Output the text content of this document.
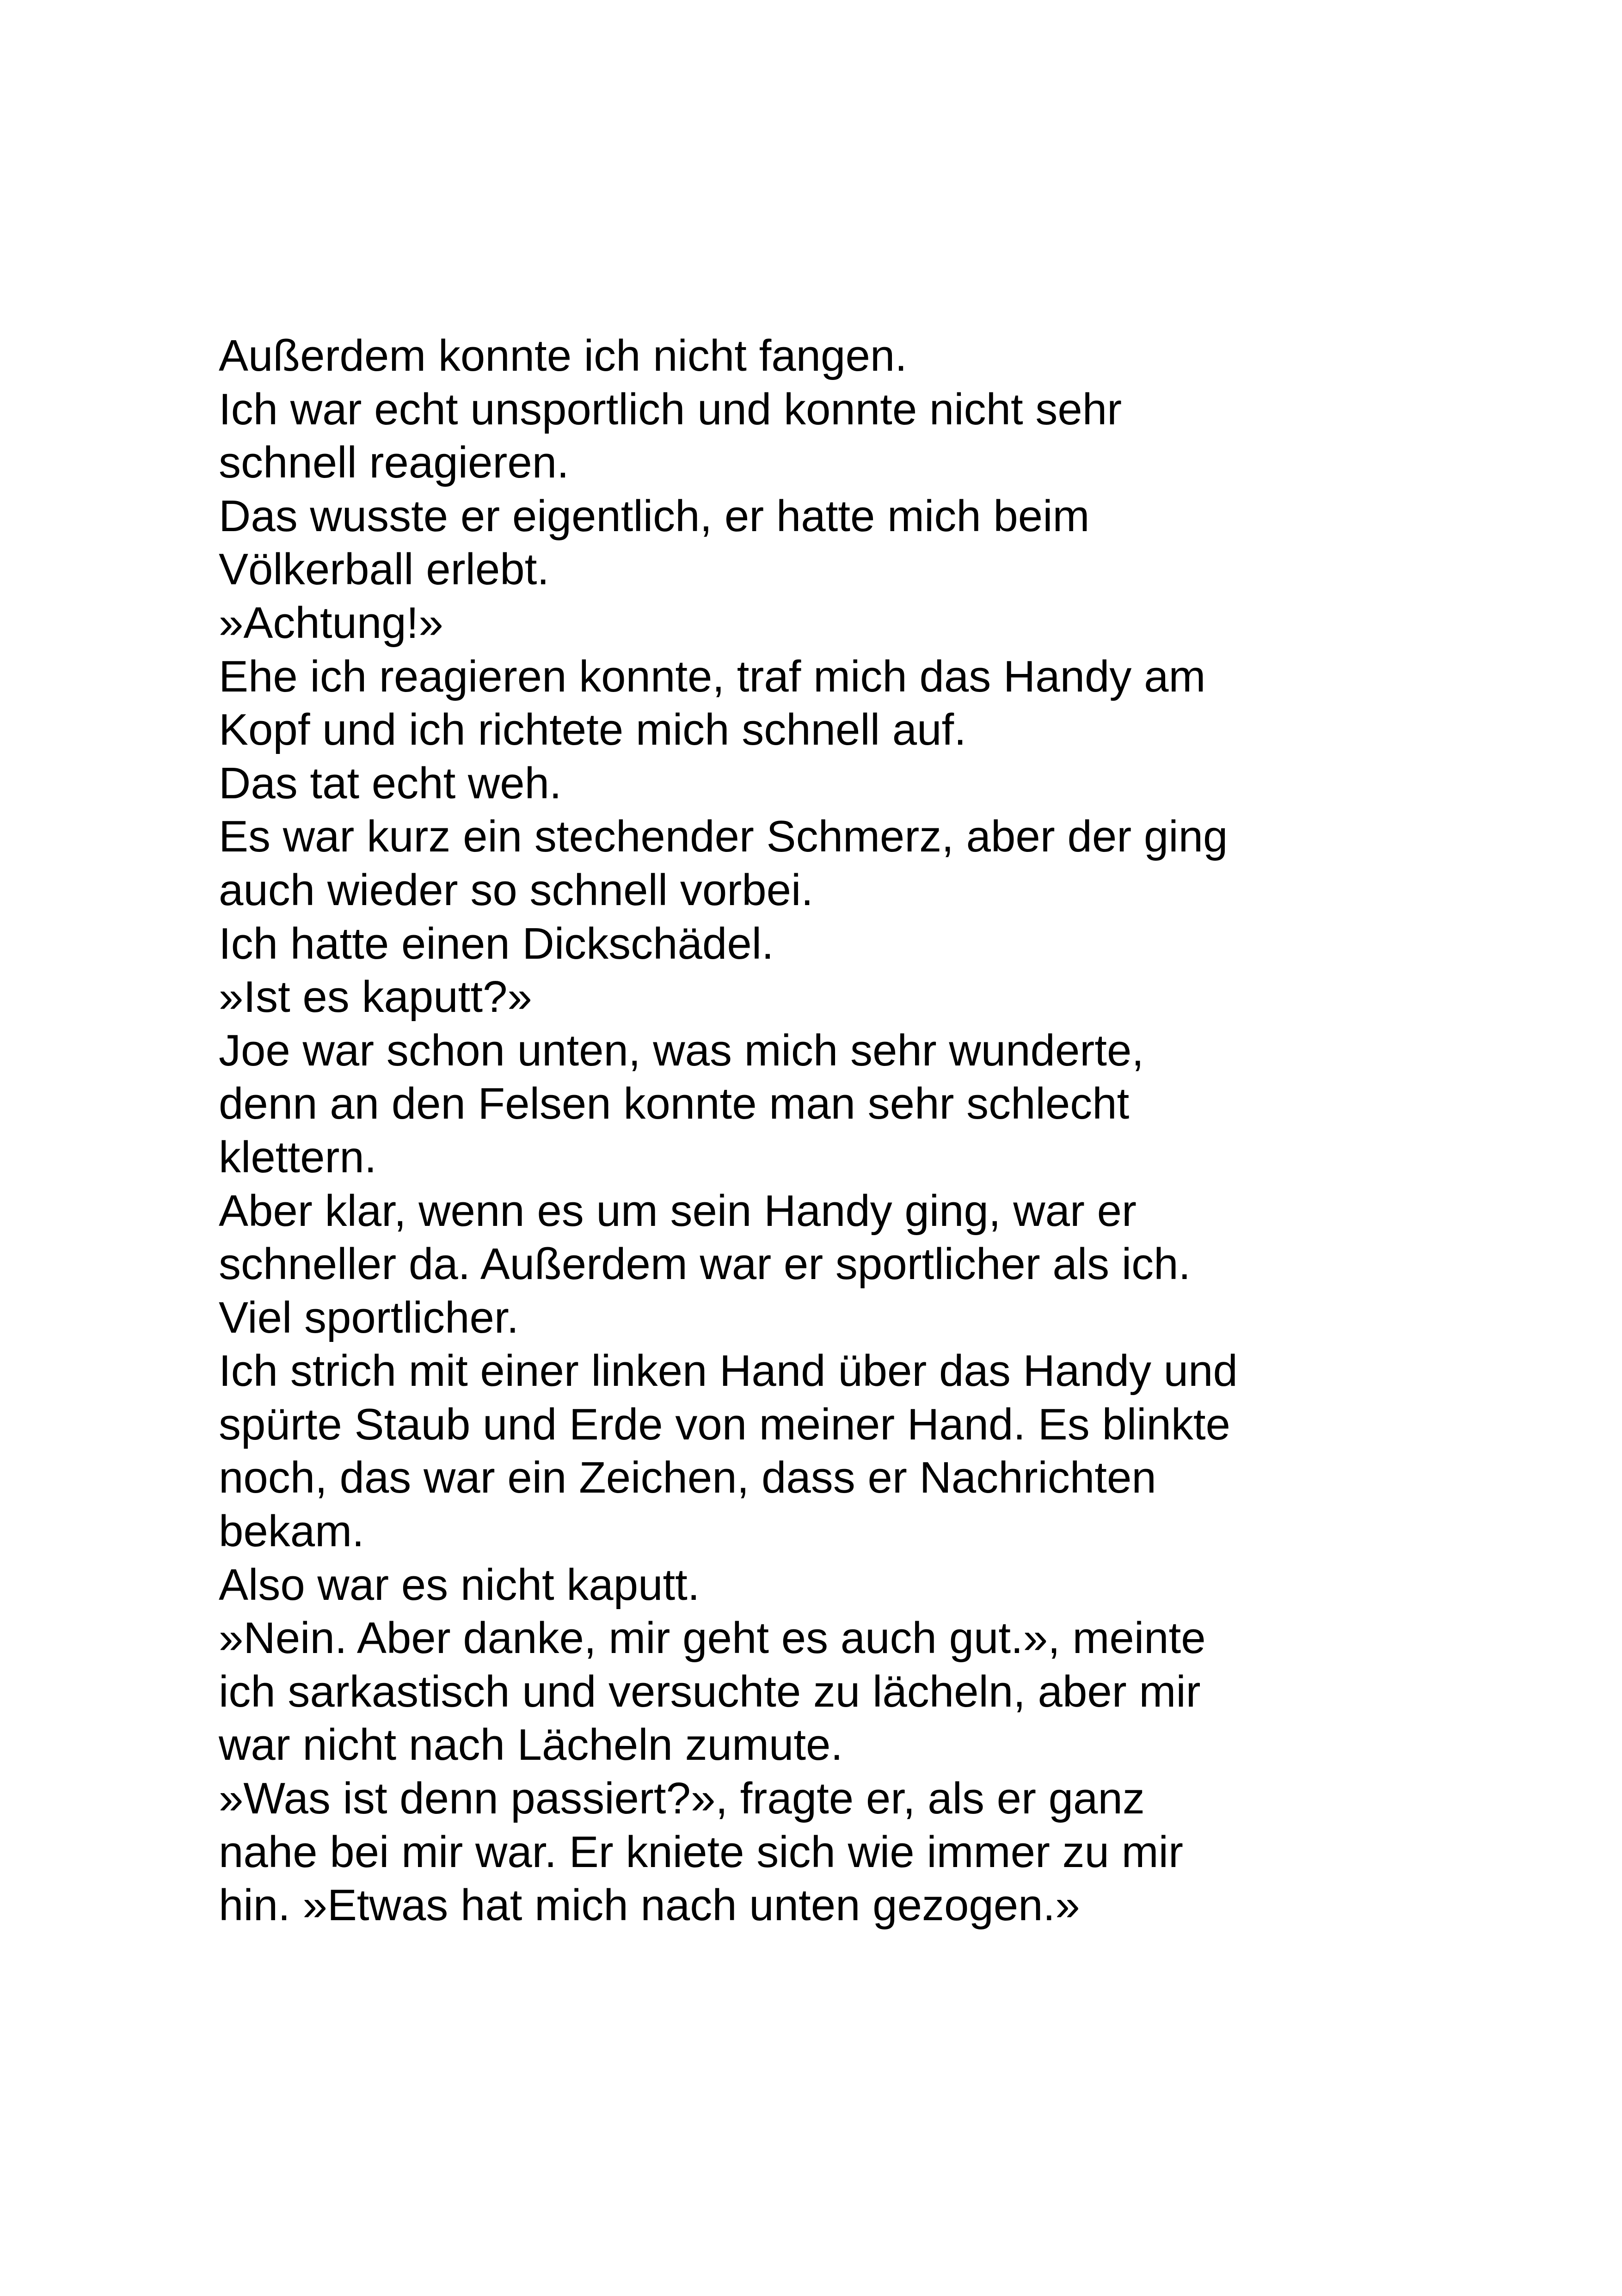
Außerdem konnte ich nicht fangen.
Ich war echt unsportlich und konnte nicht sehr
schnell reagieren.
Das wusste er eigentlich, er hatte mich beim
Völkerball erlebt.
»Achtung!»
Ehe ich reagieren konnte, traf mich das Handy am
Kopf und ich richtete mich schnell auf.
Das tat echt weh.
Es war kurz ein stechender Schmerz, aber der ging
auch wieder so schnell vorbei.
Ich hatte einen Dickschädel.
»Ist es kaputt?»
Joe war schon unten, was mich sehr wunderte,
denn an den Felsen konnte man sehr schlecht
klettern.
Aber klar, wenn es um sein Handy ging, war er
schneller da. Außerdem war er sportlicher als ich.
Viel sportlicher.
Ich strich mit einer linken Hand über das Handy und
spürte Staub und Erde von meiner Hand. Es blinkte
noch, das war ein Zeichen, dass er Nachrichten
bekam.
Also war es nicht kaputt.
»Nein. Aber danke, mir geht es auch gut.», meinte
ich sarkastisch und versuchte zu lächeln, aber mir
war nicht nach Lächeln zumute.
»Was ist denn passiert?», fragte er, als er ganz
nahe bei mir war. Er kniete sich wie immer zu mir
hin. »Etwas hat mich nach unten gezogen.»
